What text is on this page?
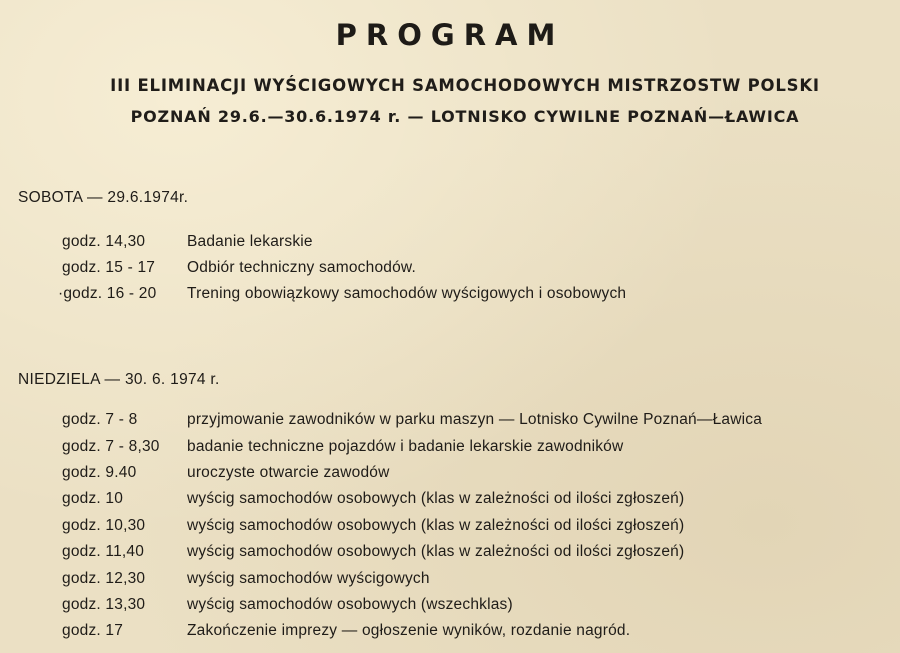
PROGRAM
III ELIMINACJI WYŚCIGOWYCH SAMOCHODOWYCH MISTRZOSTW POLSKI
POZNAŃ 29.6.—30.6.1974 r. — LOTNISKO CYWILNE POZNAŃ—ŁAWICA
SOBOTA — 29.6.1974r.
godz. 14,30	Badanie lekarskie
godz. 15 - 17	Odbiór techniczny samochodów.
·godz. 16 - 20	Trening obowiązkowy samochodów wyścigowych i osobowych
NIEDZIELA — 30. 6. 1974 r.
godz. 7 - 8	przyjmowanie zawodników w parku maszyn — Lotnisko Cywilne Poznań—Ławica
godz. 7 - 8,30	badanie techniczne pojazdów i badanie lekarskie zawodników
godz. 9.40	uroczyste otwarcie zawodów
godz. 10	wyścig samochodów osobowych (klas w zależności od ilości zgłoszeń)
godz. 10,30	wyścig samochodów osobowych (klas w zależności od ilości zgłoszeń)
godz. 11,40	wyścig samochodów osobowych (klas w zależności od ilości zgłoszeń)
godz. 12,30	wyścig samochodów wyścigowych
godz. 13,30	wyścig samochodów osobowych (wszechklas)
godz. 17	Zakończenie imprezy — ogłoszenie wyników, rozdanie nagród.
